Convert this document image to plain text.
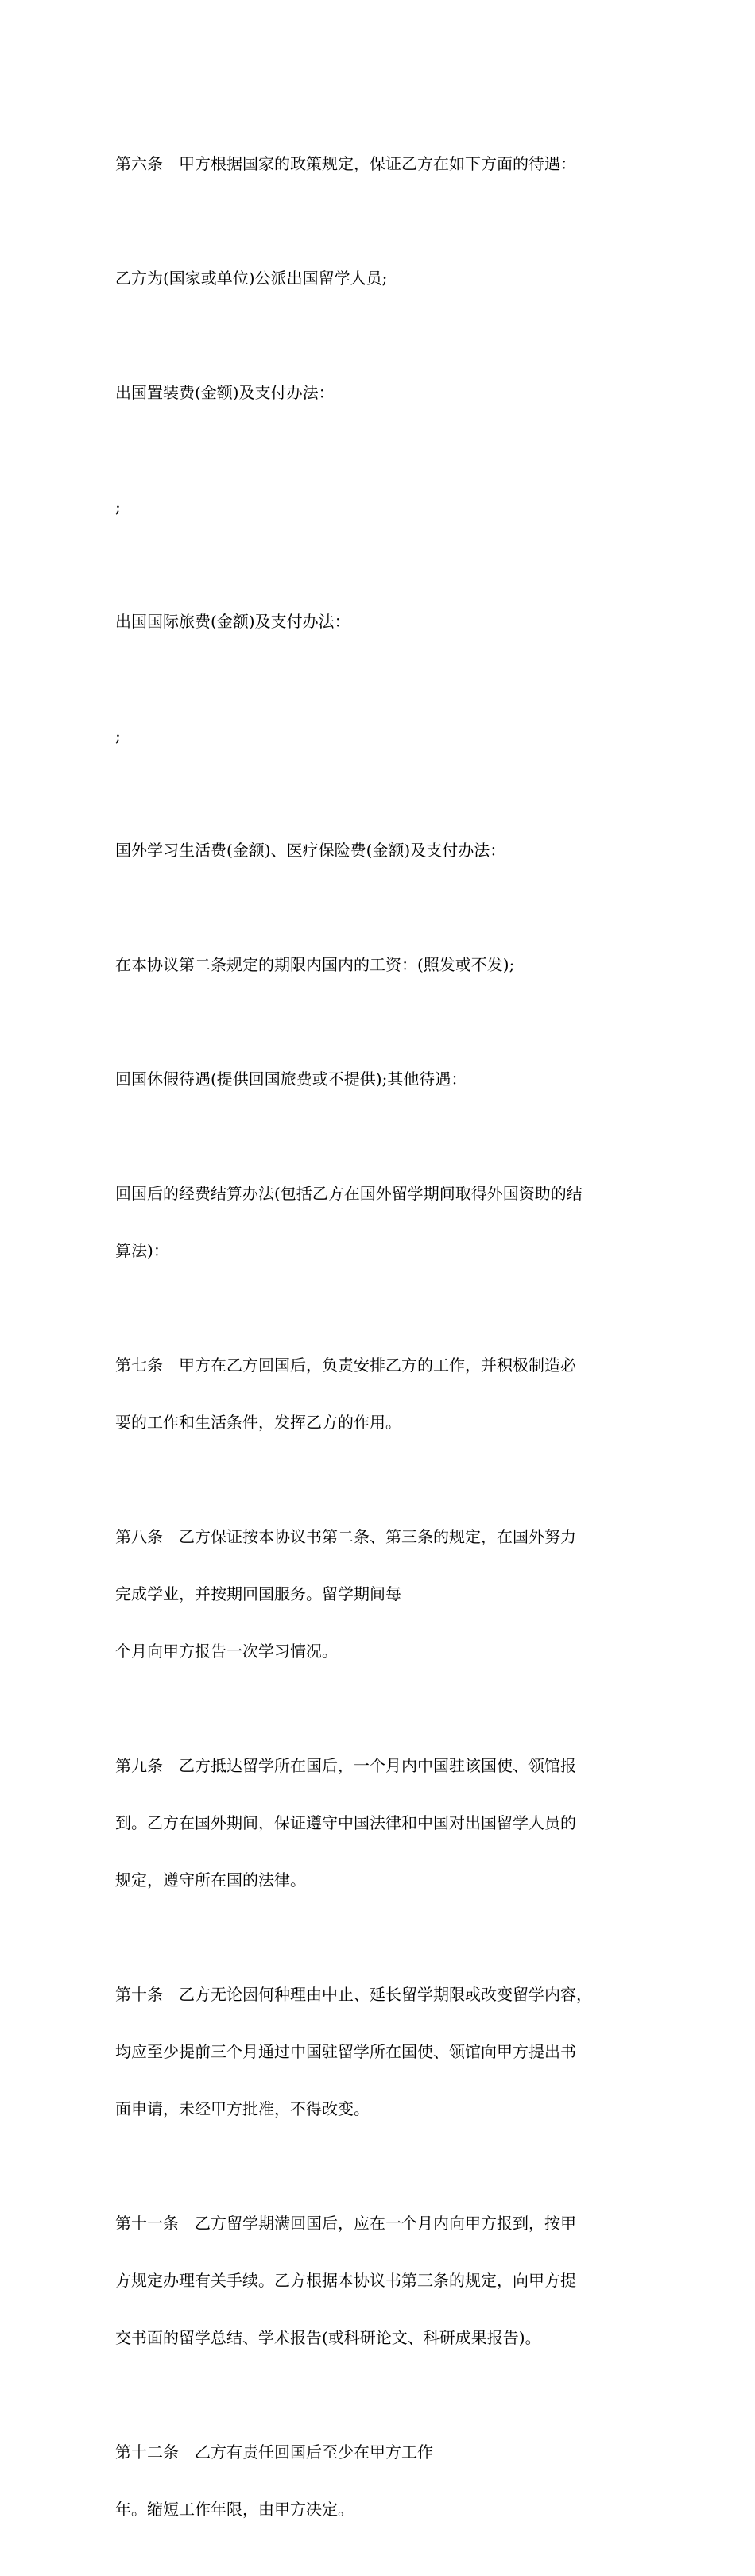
第六条　甲方根据国家的政策规定，保证乙方在如下方面的待遇：

乙方为(国家或单位)公派出国留学人员;

出国置装费(金额)及支付办法：

;

出国国际旅费(金额)及支付办法：

;

国外学习生活费(金额)、医疗保险费(金额)及支付办法：

在本协议第二条规定的期限内国内的工资：(照发或不发);

回国休假待遇(提供回国旅费或不提供);其他待遇：

回国后的经费结算办法(包括乙方在国外留学期间取得外国资助的结

算法)：

第七条　甲方在乙方回国后，负责安排乙方的工作，并积极制造必

要的工作和生活条件，发挥乙方的作用。

第八条　乙方保证按本协议书第二条、第三条的规定，在国外努力

完成学业，并按期回国服务。留学期间每

个月向甲方报告一次学习情况。

第九条　乙方抵达留学所在国后，一个月内中国驻该国使、领馆报

到。乙方在国外期间，保证遵守中国法律和中国对出国留学人员的

规定，遵守所在国的法律。

第十条　乙方无论因何种理由中止、延长留学期限或改变留学内容，

均应至少提前三个月通过中国驻留学所在国使、领馆向甲方提出书

面申请，未经甲方批准，不得改变。

第十一条　乙方留学期满回国后，应在一个月内向甲方报到，按甲

方规定办理有关手续。乙方根据本协议书第三条的规定，向甲方提

交书面的留学总结、学术报告(或科研论文、科研成果报告)。

第十二条　乙方有责任回国后至少在甲方工作

年。缩短工作年限，由甲方决定。
